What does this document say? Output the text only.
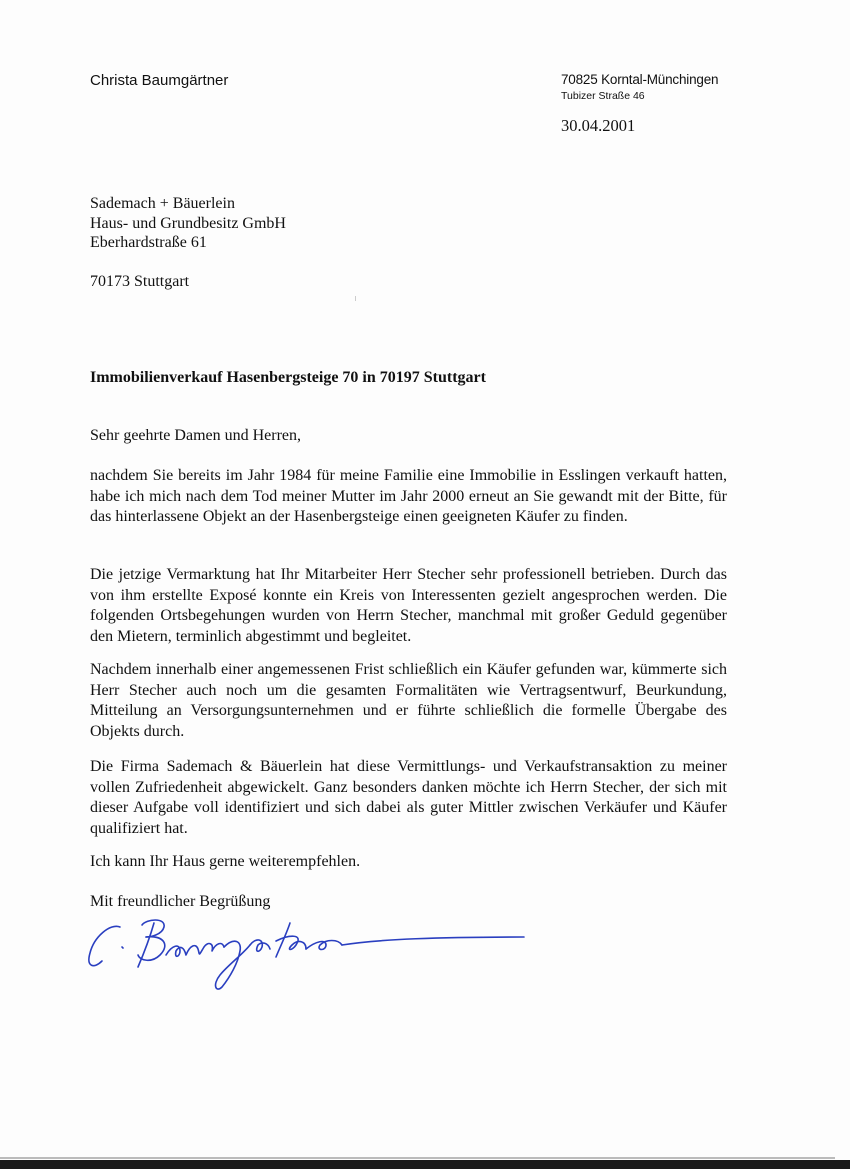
Christa Baumgärtner	70825 Korntal-Münchingen
Tubizer Straße 46
30.04.2001
Sademach + Bäuerlein
Haus- und Grundbesitz GmbH
Eberhardstraße 61
70173 Stuttgart
Immobilienverkauf Hasenbergsteige 70 in 70197 Stuttgart
Sehr geehrte Damen und Herren,
nachdem Sie bereits im Jahr 1984 für meine Familie eine Immobilie in Esslingen verkauft hatten, habe ich mich nach dem Tod meiner Mutter im Jahr 2000 erneut an Sie gewandt mit der Bitte, für das hinterlassene Objekt an der Hasenbergsteige einen geeigneten Käufer zu finden.
Die jetzige Vermarktung hat Ihr Mitarbeiter Herr Stecher sehr professionell betrieben. Durch das von ihm erstellte Exposé konnte ein Kreis von Interessenten gezielt angesprochen werden. Die folgenden Ortsbegehungen wurden von Herrn Stecher, manchmal mit großer Geduld gegenüber den Mietern, terminlich abgestimmt und begleitet.
Nachdem innerhalb einer angemessenen Frist schließlich ein Käufer gefunden war, kümmerte sich Herr Stecher auch noch um die gesamten Formalitäten wie Vertragsentwurf, Beurkundung, Mitteilung an Versorgungsunternehmen und er führte schließlich die formelle Übergabe des Objekts durch.
Die Firma Sademach & Bäuerlein hat diese Vermittlungs- und Verkaufstransaktion zu meiner vollen Zufriedenheit abgewickelt. Ganz besonders danken möchte ich Herrn Stecher, der sich mit dieser Aufgabe voll identifiziert und sich dabei als guter Mittler zwischen Verkäufer und Käufer qualifiziert hat.
Ich kann Ihr Haus gerne weiterempfehlen.
Mit freundlicher Begrüßung
